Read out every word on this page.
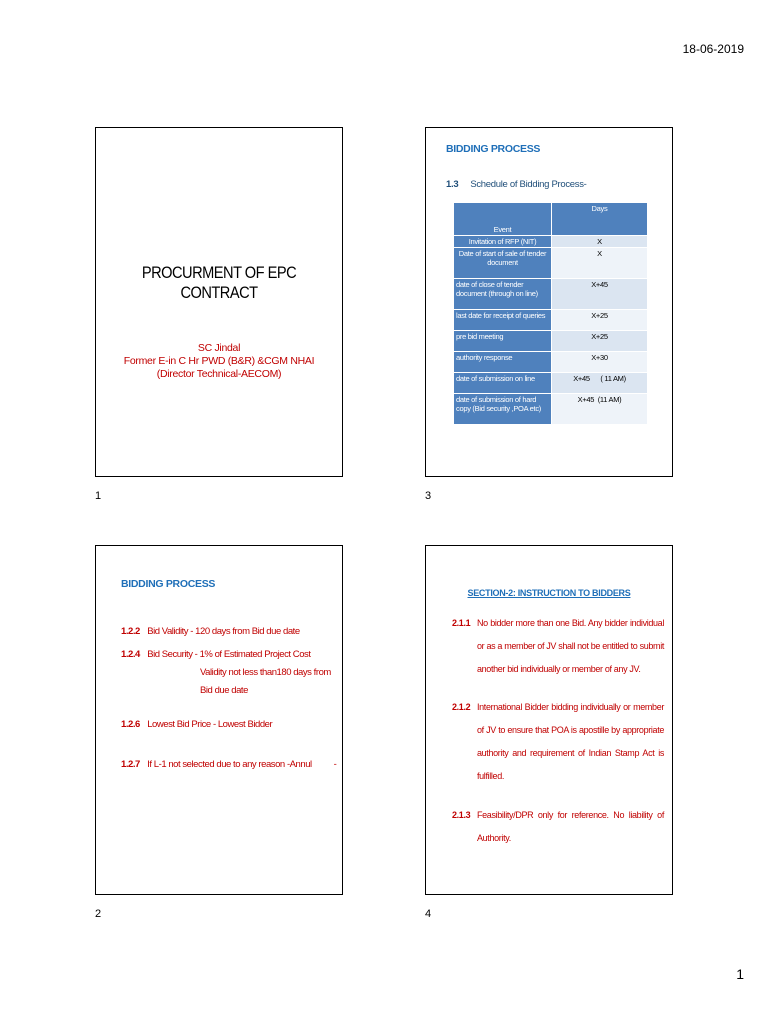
18-06-2019
PROCURMENT OF EPC CONTRACT
SC Jindal
Former E-in C Hr PWD (B&R) &CGM NHAI
(Director Technical-AECOM)
1
BIDDING PROCESS
1.3 Schedule of Bidding Process-
Event	Days
Invitation of RFP (NIT)	X
Date of start of sale of tender document	X
date of close of tender document (through on line)	X+45
last date for receipt of queries	X+25
pre bid meeting	X+25
authority response	X+30
date of submission on line	X+45      ( 11 AM)
date of submission of hard copy (Bid security ,POA etc)	X+45  (11 AM)
3
BIDDING PROCESS
1.2.2 Bid Validity - 120 days from Bid due date
1.2.4 Bid Security - 1% of Estimated Project Cost
Validity not less than180 days from
Bid due date
1.2.6 Lowest Bid Price - Lowest Bidder
1.2.7 If L-1 not selected due to any reason -Annul          -
2
SECTION-2: INSTRUCTION TO BIDDERS
2.1.1 No bidder more than one Bid. Any bidder individual or as a member of JV shall not be entitled to submit another bid individually or member of any JV.
2.1.2 International Bidder bidding individually or member of JV to ensure that POA is apostille by appropriate authority and requirement of Indian Stamp Act is fulfilled.
2.1.3 Feasibility/DPR only for reference. No liability of Authority.
4
1
